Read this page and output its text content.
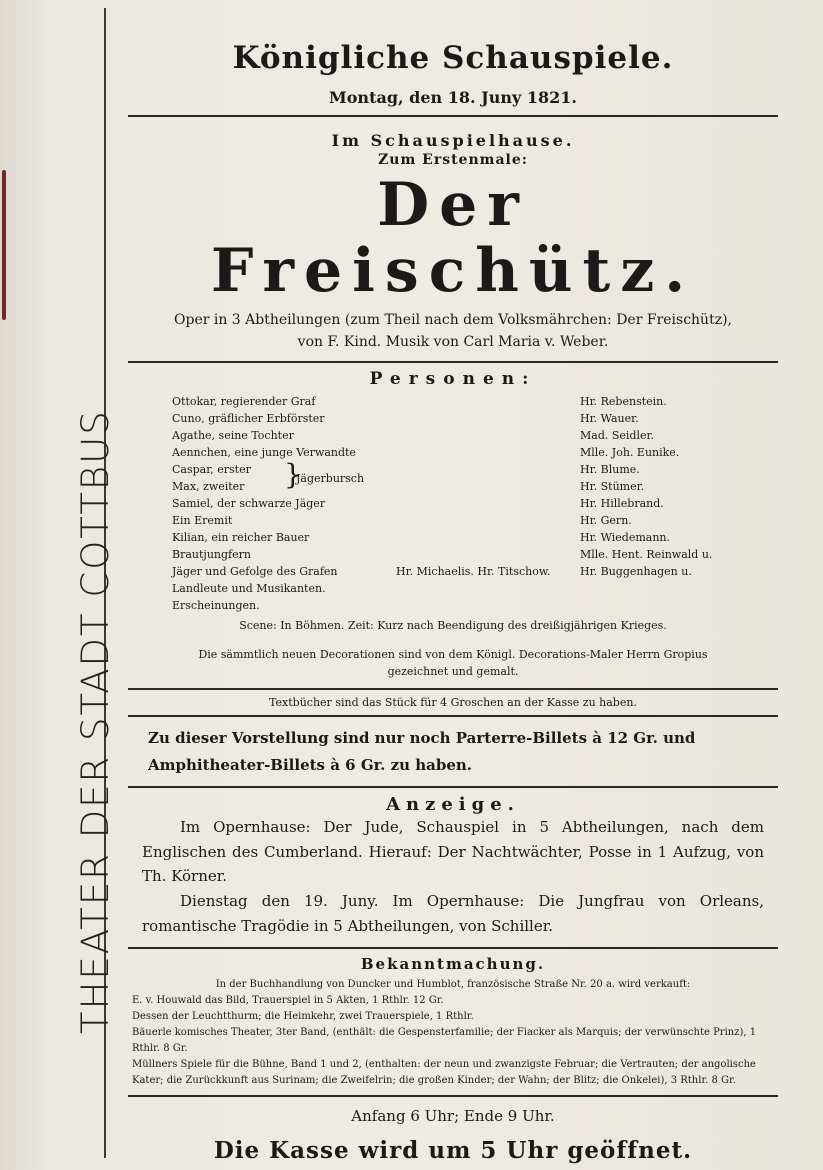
THEATER DER STADT COTTBUS
Königliche Schauspiele.
Montag, den 18. Juny 1821.
Im Schauspielhause.
Zum Erstenmale:
Der Freischütz.
Oper in 3 Abtheilungen (zum Theil nach dem Volksmährchen: Der Freischütz),
von F. Kind. Musik von Carl Maria v. Weber.
Personen:
Ottokar, regierender Graf	Hr. Rebenstein.
Cuno, gräflicher Erbförster	Hr. Wauer.
Agathe, seine Tochter	Mad. Seidler.
Aennchen, eine junge Verwandte	Mlle. Joh. Eunike.
Caspar, erster	Hr. Blume.
Max, zweiter	Hr. Stümer.
}
Jägerbursch
Samiel, der schwarze Jäger	Hr. Hillebrand.
Ein Eremit	Hr. Gern.
Kilian, ein reicher Bauer	Hr. Wiedemann.
Brautjungfern	Mlle. Hent. Reinwald u.
Jäger und Gefolge des Grafen	Hr. Michaelis. Hr. Titschow.	Hr. Buggenhagen u.
Landleute und Musikanten.
Erscheinungen.
Scene: In Böhmen. Zeit: Kurz nach Beendigung des dreißigjährigen Krieges.
Die sämmtlich neuen Decorationen sind von dem Königl. Decorations-Maler Herrn Gropius
gezeichnet und gemalt.
Textbücher sind das Stück für 4 Groschen an der Kasse zu haben.
Zu dieser Vorstellung sind nur noch Parterre-Billets à 12 Gr. und Amphitheater-Billets à 6 Gr. zu haben.
Anzeige.

Im Opernhause: Der Jude, Schauspiel in 5 Abtheilungen, nach dem Englischen des Cumberland. Hierauf: Der Nachtwächter, Posse in 1 Aufzug, von Th. Körner.

Dienstag den 19. Juny. Im Opernhause: Die Jungfrau von Orleans, romantische Tragödie in 5 Abtheilungen, von Schiller.

Bekanntmachung.
In der Buchhandlung von Duncker und Humblot, französische Straße Nr. 20 a. wird verkauft:

E. v. Houwald das Bild, Trauerspiel in 5 Akten, 1 Rthlr. 12 Gr.

Dessen der Leuchtthurm; die Heimkehr, zwei Trauerspiele, 1 Rthlr.

Bäuerle komisches Theater, 3ter Band, (enthält: die Gespensterfamilie; der Fiacker als Marquis; der verwünschte Prinz), 1 Rthlr. 8 Gr.

Müllners Spiele für die Bühne, Band 1 und 2, (enthalten: der neun und zwanzigste Februar; die Vertrauten; der angolische Kater; die Zurückkunft aus Surinam; die Zweifelrin; die großen Kinder; der Wahn; der Blitz; die Onkelei), 3 Rthlr. 8 Gr.

Anfang 6 Uhr; Ende 9 Uhr.
Die Kasse wird um 5 Uhr geöffnet.
